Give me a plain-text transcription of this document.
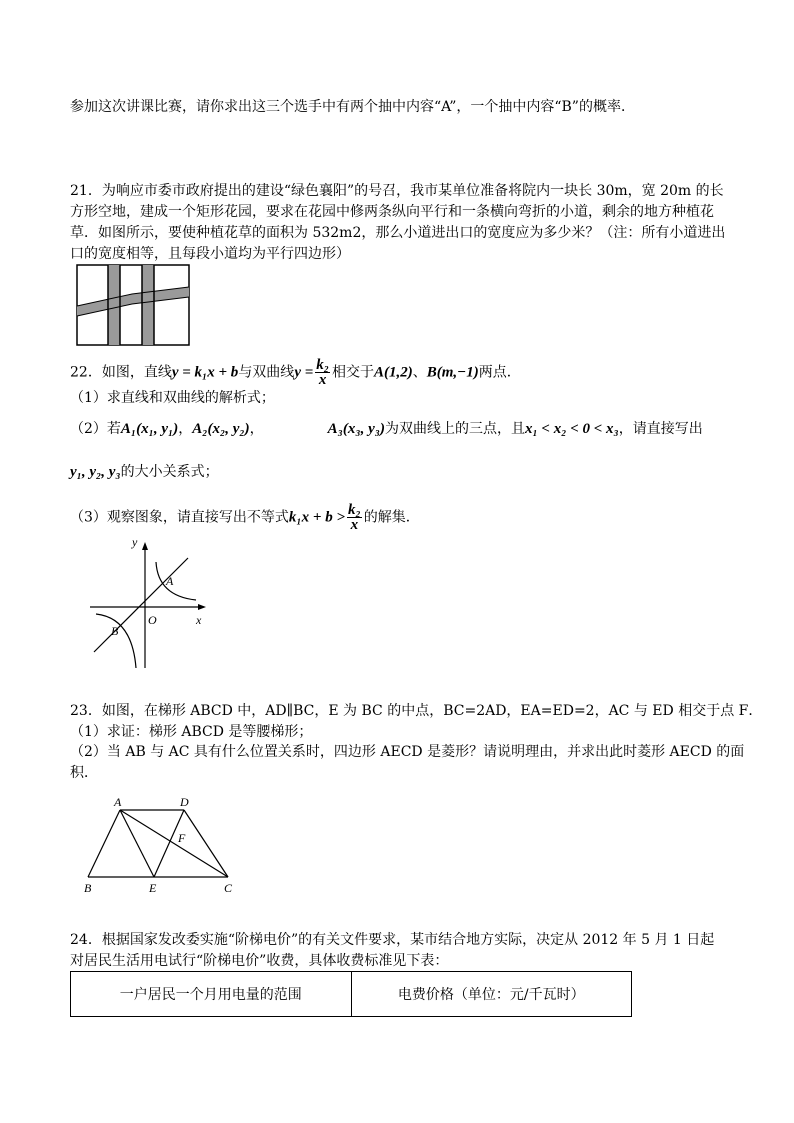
参加这次讲课比赛，请你求出这三个选手中有两个抽中内容“A”，一个抽中内容“B”的概率．
21．为响应市委市政府提出的建设“绿色襄阳”的号召，我市某单位准备将院内一块长 30m，宽 20m 的长
方形空地，建成一个矩形花园，要求在花园中修两条纵向平行和一条横向弯折的小道，剩余的地方种植花
草．如图所示，要使种植花草的面积为 532m2，那么小道进出口的宽度应为多少米？（注：所有小道进出
口的宽度相等，且每段小道均为平行四边形）
22．如图，直线y = k₁x + b与双曲线$y = \frac{\text{k₂}}{x}$ 相交于A(1,2)、B(m,−1)两点．
（1）求直线和双曲线的解析式；
（2）若A₁(x₁, y₁)，A₂(x₂, y₂)，	A₃(x₃, y₃)为双曲线上的三点，且x₁ < x₂ < 0 < x₃，请直接写出
y₁, y₂, y₃的大小关系式；
（3）观察图象，请直接写出不等式$k_1x + b > \frac{\text{k₂}}{x}$ 的解集．
y
x
O
A
B
23．如图，在梯形 ABCD 中，AD∥BC，E 为 BC 的中点，BC=2AD，EA=ED=2，AC 与 ED 相交于点 F．
（1）求证：梯形 ABCD 是等腰梯形；
（2）当 AB 与 AC 具有什么位置关系时，四边形 AECD 是菱形？请说明理由，并求出此时菱形 AECD 的面
积．
A	D
F
B	E	C
24．根据国家发改委实施“阶梯电价”的有关文件要求，某市结合地方实际，决定从 2012 年 5 月 1 日起
对居民生活用电试行“阶梯电价”收费，具体收费标准见下表：
一户居民一个月用电量的范围	电费价格（单位：元/千瓦时）
